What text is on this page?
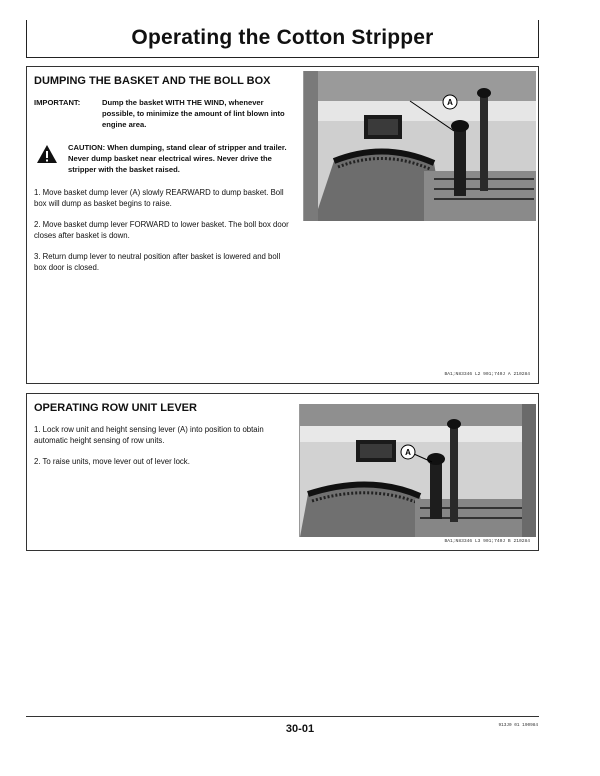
Operating the Cotton Stripper
DUMPING THE BASKET AND THE BOLL BOX
IMPORTANT:	Dump the basket WITH THE WIND, whenever possible, to minimize the amount of lint blown into engine area.
CAUTION: When dumping, stand clear of stripper and trailer. Never dump basket near electrical wires. Never drive the stripper with the basket raised.
1. Move basket dump lever (A) slowly REARWARD to dump basket. Boll box will dump as basket begins to raise.
2. Move basket dump lever FORWARD to lower basket. The boll box door closes after basket is down.
3. Return dump lever to neutral position after basket is lowered and boll box door is closed.
A
BA1;N83346 L2 901;740J A 210284
OPERATING ROW UNIT LEVER
1. Lock row unit and height sensing lever (A) into position to obtain automatic height sensing of row units.
2. To raise units, move lever out of lever lock.
A
BA1;N83346 L3 901;740J B 210284
30-01	913J0 01 190984
